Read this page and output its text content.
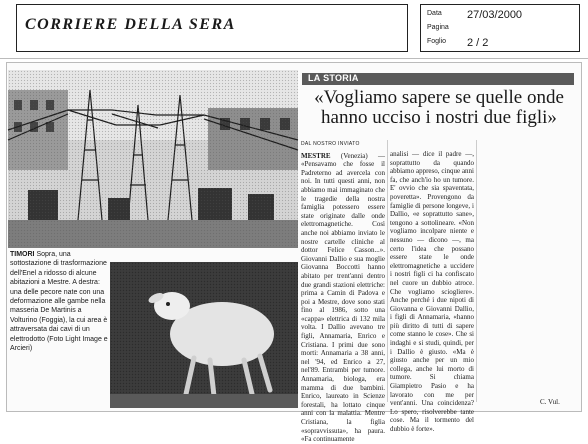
CORRIERE DELLA SERA
Data 27/03/2000
Pagina
Foglio 2 / 2
TIMORI Sopra, una sottostazione di trasformazione dell'Enel a ridosso di alcune abitazioni a Mestre. A destra: una delle pecore nate con una deformazione alle gambe nella masseria De Martinis a Volturino (Foggia), la cui area è attraversata dai cavi di un elettrodotto (Foto Light Image e Arcieri)
LA STORIA
«Vogliamo sapere se quelle onde hanno ucciso i nostri due figli»
DAL NOSTRO INVIATO
MESTRE (Venezia) — «Pensavamo che fosse il Padreterno ad avercela con noi. In tutti questi anni, non abbiamo mai immaginato che le tragedie della nostra famiglia potessero essere state originate dalle onde elettromagnetiche. Così anche noi abbiamo inviato le nostre cartelle cliniche al dottor Felice Casson...». Giovanni Dallio e sua moglie Giovanna Boccotti hanno abitato per trent'anni dentro due grandi stazioni elettriche: prima a Camin di Padova e poi a Mestre, dove sono stati fino al 1986, sotto una «cappa» elettrica di 132 mila volta. I Dallio avevano tre figli, Annamaria, Enrico e Cristiana. I primi due sono morti: Annamaria a 38 anni, nel '94, ed Enrico a 27, nel'89. Entrambi per tumore. Annamaria, biologa, era mamma di due bambini. Enrico, laureato in Scienze forestali, ha lottato cinque anni con la malattia. Mentre Cristiana, la figlia «sopravvissuta», ha paura. «Fa continuamente
analisi — dice il padre —, soprattutto da quando abbiamo appreso, cinque anni fa, che anch'io ho un tumore. E' ovvio che sia spaventata, poveretta». Provengono da famiglie di persone longeve, i Dallio, «e soprattutto sane», tengono a sottolineare. «Non vogliamo incolpare niente e nessuno — dicono —, ma certo l'idea che possano essere state le onde elettromagnetiche a uccidere i nostri figli ci ha confiscato nel cuore un dubbio atroce. Che vogliamo sciogliere». Anche perché i due nipoti di Giovanna e Giovanni Dallio, i figli di Annamaria, «hanno più diritto di tutti di sapere come stanno le cose». Che si indaghi e si studi, quindi, per i Dallio è giusto. «Ma è giusto anche per un mio collega, anche lui morto di tumore. Si chiama Giampietro Pasio e ha lavorato con me per vent'anni. Una coincidenza? Lo spero, risolverebbe tante cose. Ma il tormento del dubbio è forte».
C. Vul.
